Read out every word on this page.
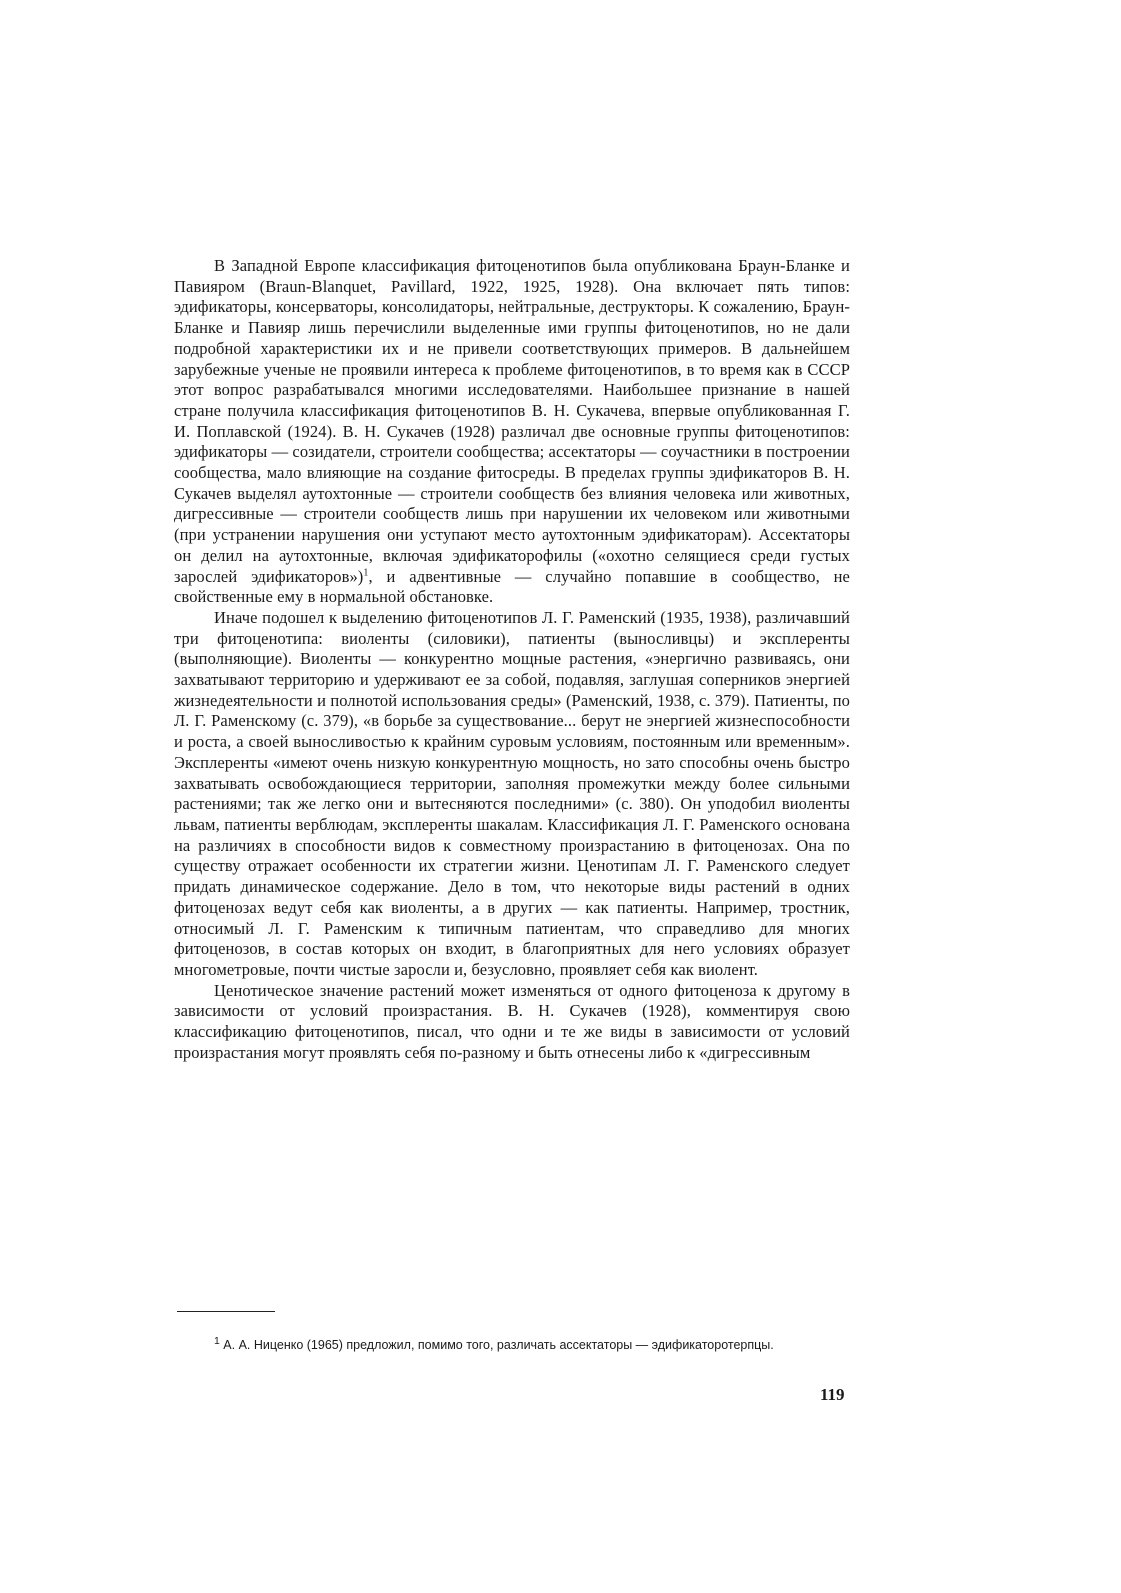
В Западной Европе классификация фитоценотипов была опубликована Браун-Бланке и Павияром (Braun-Blanquet, Pavillard, 1922, 1925, 1928). Она включает пять типов: эдификаторы, консерваторы, консолидаторы, нейтральные, деструкторы. К сожалению, Браун-Бланке и Павияр лишь перечислили выделенные ими группы фитоценотипов, но не дали подробной характеристики их и не привели соответствующих примеров. В дальнейшем зарубежные ученые не проявили интереса к проблеме фитоценотипов, в то время как в СССР этот вопрос разрабатывался многими исследователями. Наибольшее признание в нашей стране получила классификация фитоценотипов В. Н. Сукачева, впервые опубликованная Г. И. Поплавской (1924). В. Н. Сукачев (1928) различал две основные группы фитоценотипов: эдификаторы — созидатели, строители сообщества; ассектаторы — соучастники в построении сообщества, мало влияющие на создание фитосреды. В пределах группы эдификаторов В. Н. Сукачев выделял аутохтонные — строители сообществ без влияния человека или животных, дигрессивные — строители сообществ лишь при нарушении их человеком или животными (при устранении нарушения они уступают место аутохтонным эдификаторам). Ассектаторы он делил на аутохтонные, включая эдификаторофилы («охотно селящиеся среди густых зарослей эдификаторов»)$^1$, и адвентивные — случайно попавшие в сообщество, не свойственные ему в нормальной обстановке.

Иначе подошел к выделению фитоценотипов Л. Г. Раменский (1935, 1938), различавший три фитоценотипа: виоленты (силовики), патиенты (выносливцы) и эксплеренты (выполняющие). Виоленты — конкурентно мощные растения, «энергично развиваясь, они захватывают территорию и удерживают ее за собой, подавляя, заглушая соперников энергией жизнедеятельности и полнотой использования среды» (Раменский, 1938, с. 379). Патиенты, по Л. Г. Раменскому (с. 379), «в борьбе за существование... берут не энергией жизнеспособности и роста, а своей выносливостью к крайним суровым условиям, постоянным или временным». Эксплеренты «имеют очень низкую конкурентную мощность, но зато способны очень быстро захватывать освобождающиеся территории, заполняя промежутки между более сильными растениями; так же легко они и вытесняются последними» (с. 380). Он уподобил виоленты львам, патиенты верблюдам, эксплеренты шакалам. Классификация Л. Г. Раменского основана на различиях в способности видов к совместному произрастанию в фитоценозах. Она по существу отражает особенности их стратегии жизни. Ценотипам Л. Г. Раменского следует придать динамическое содержание. Дело в том, что некоторые виды растений в одних фитоценозах ведут себя как виоленты, а в других — как патиенты. Например, тростник, относимый Л. Г. Раменским к типичным патиентам, что справедливо для многих фитоценозов, в состав которых он входит, в благоприятных для него условиях образует многометровые, почти чистые заросли и, безусловно, проявляет себя как виолент.

Ценотическое значение растений может изменяться от одного фитоценоза к другому в зависимости от условий произрастания. В. Н. Сукачев (1928), комментируя свою классификацию фитоценотипов, писал, что одни и те же виды в зависимости от условий произрастания могут проявлять себя по-разному и быть отнесены либо к «дигрессивным

$^1$ А. А. Ниценко (1965) предложил, помимо того, различать ассектаторы — эдификаторотерпцы.

119
